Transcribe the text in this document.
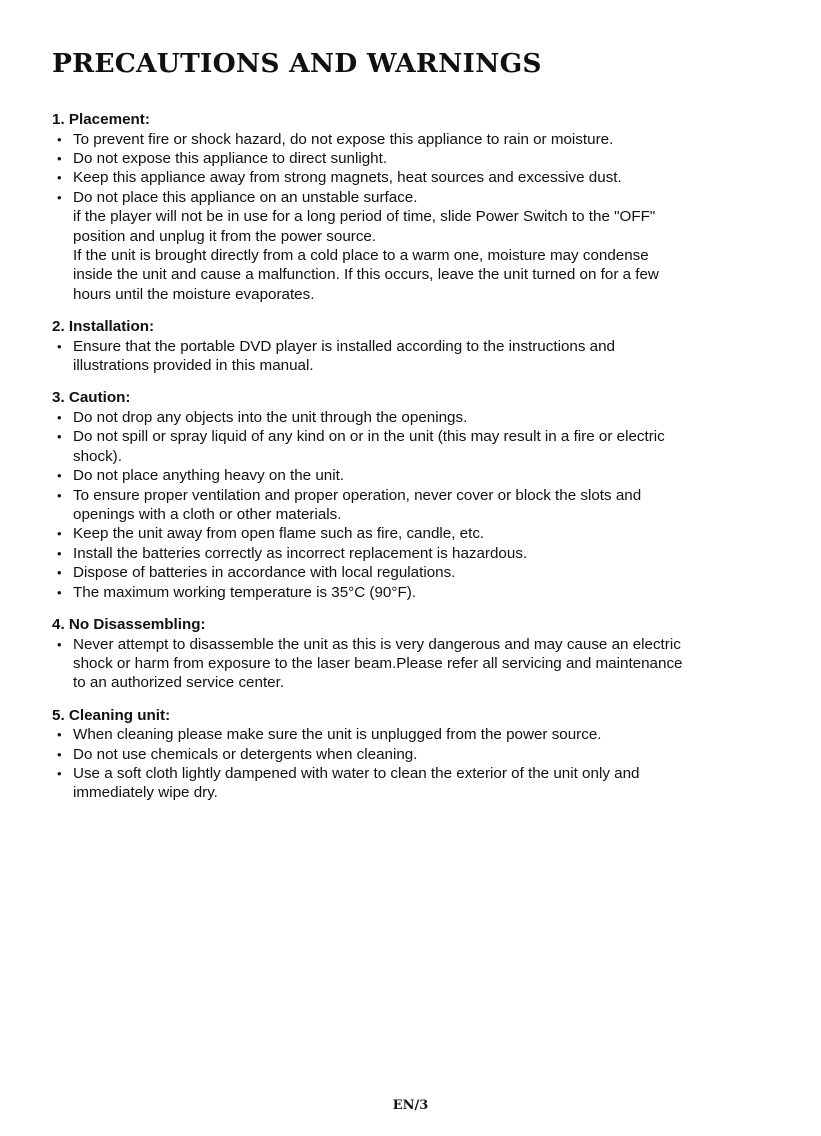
PRECAUTIONS AND WARNINGS

1. Placement:

• To prevent fire or shock hazard, do not expose this appliance to rain or moisture.
• Do not expose this appliance to direct sunlight.
• Keep this appliance away from strong magnets, heat sources and excessive dust.
• Do not place this appliance on an unstable surface.
if the player will not be in use for a long period of time, slide Power Switch to the "OFF"
position and unplug it from the power source.
If the unit is brought directly from a cold place to a warm one, moisture may condense
inside the unit and cause a malfunction. If this occurs, leave the unit turned on for a few
hours until the moisture evaporates.

2. Installation:

• Ensure that the portable DVD player is installed according to the instructions and
illustrations provided in this manual.

3. Caution:

• Do not drop any objects into the unit through the openings.
• Do not spill or spray liquid of any kind on or in the unit (this may result in a fire or electric
shock).
• Do not place anything heavy on the unit.
• To ensure proper ventilation and proper operation, never cover or block the slots and
openings with a cloth or other materials.
• Keep the unit away from open flame such as fire, candle, etc.
• Install the batteries correctly as incorrect replacement is hazardous.
• Dispose of batteries in accordance with local regulations.
• The maximum working temperature is 35°C (90°F).

4. No Disassembling:

• Never attempt to disassemble the unit as this is very dangerous and may cause an electric
shock or harm from exposure to the laser beam.Please refer all servicing and maintenance
to an authorized service center.

5. Cleaning unit:

• When cleaning please make sure the unit is unplugged from the power source.
• Do not use chemicals or detergents when cleaning.
• Use a soft cloth lightly dampened with water to clean the exterior of the unit only and
immediately wipe dry.
EN/3
